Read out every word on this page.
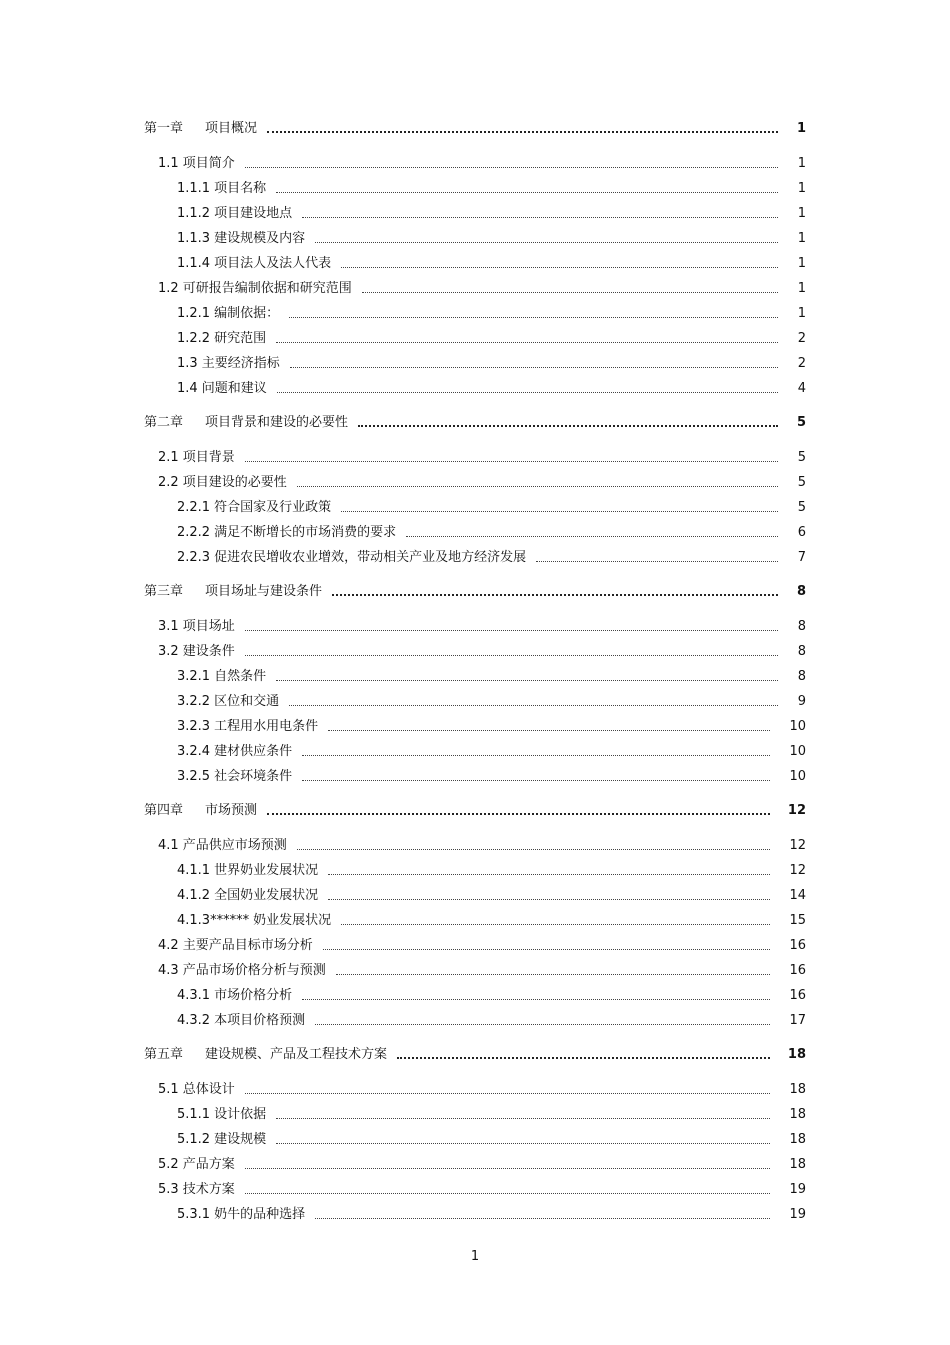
第一章 项目概况	1
1.1 项目简介	1
1.1.1 项目名称	1
1.1.2 项目建设地点	1
1.1.3 建设规模及内容	1
1.1.4 项目法人及法人代表	1
1.2 可研报告编制依据和研究范围	1
1.2.1 编制依据：	1
1.2.2 研究范围	2
1.3 主要经济指标	2
1.4 问题和建议	4
第二章 项目背景和建设的必要性	5
2.1 项目背景	5
2.2 项目建设的必要性	5
2.2.1 符合国家及行业政策	5
2.2.2 满足不断增长的市场消费的要求	6
2.2.3 促进农民增收农业增效，带动相关产业及地方经济发展	7
第三章 项目场址与建设条件	8
3.1 项目场址	8
3.2 建设条件	8
3.2.1 自然条件	8
3.2.2 区位和交通	9
3.2.3 工程用水用电条件	10
3.2.4 建材供应条件	10
3.2.5 社会环境条件	10
第四章 市场预测	12
4.1 产品供应市场预测	12
4.1.1 世界奶业发展状况	12
4.1.2 全国奶业发展状况	14
4.1.3****** 奶业发展状况	15
4.2 主要产品目标市场分析	16
4.3 产品市场价格分析与预测	16
4.3.1 市场价格分析	16
4.3.2 本项目价格预测	17
第五章 建设规模、产品及工程技术方案	18
5.1 总体设计	18
5.1.1 设计依据	18
5.1.2 建设规模	18
5.2 产品方案	18
5.3 技术方案	19
5.3.1 奶牛的品种选择	19
1
